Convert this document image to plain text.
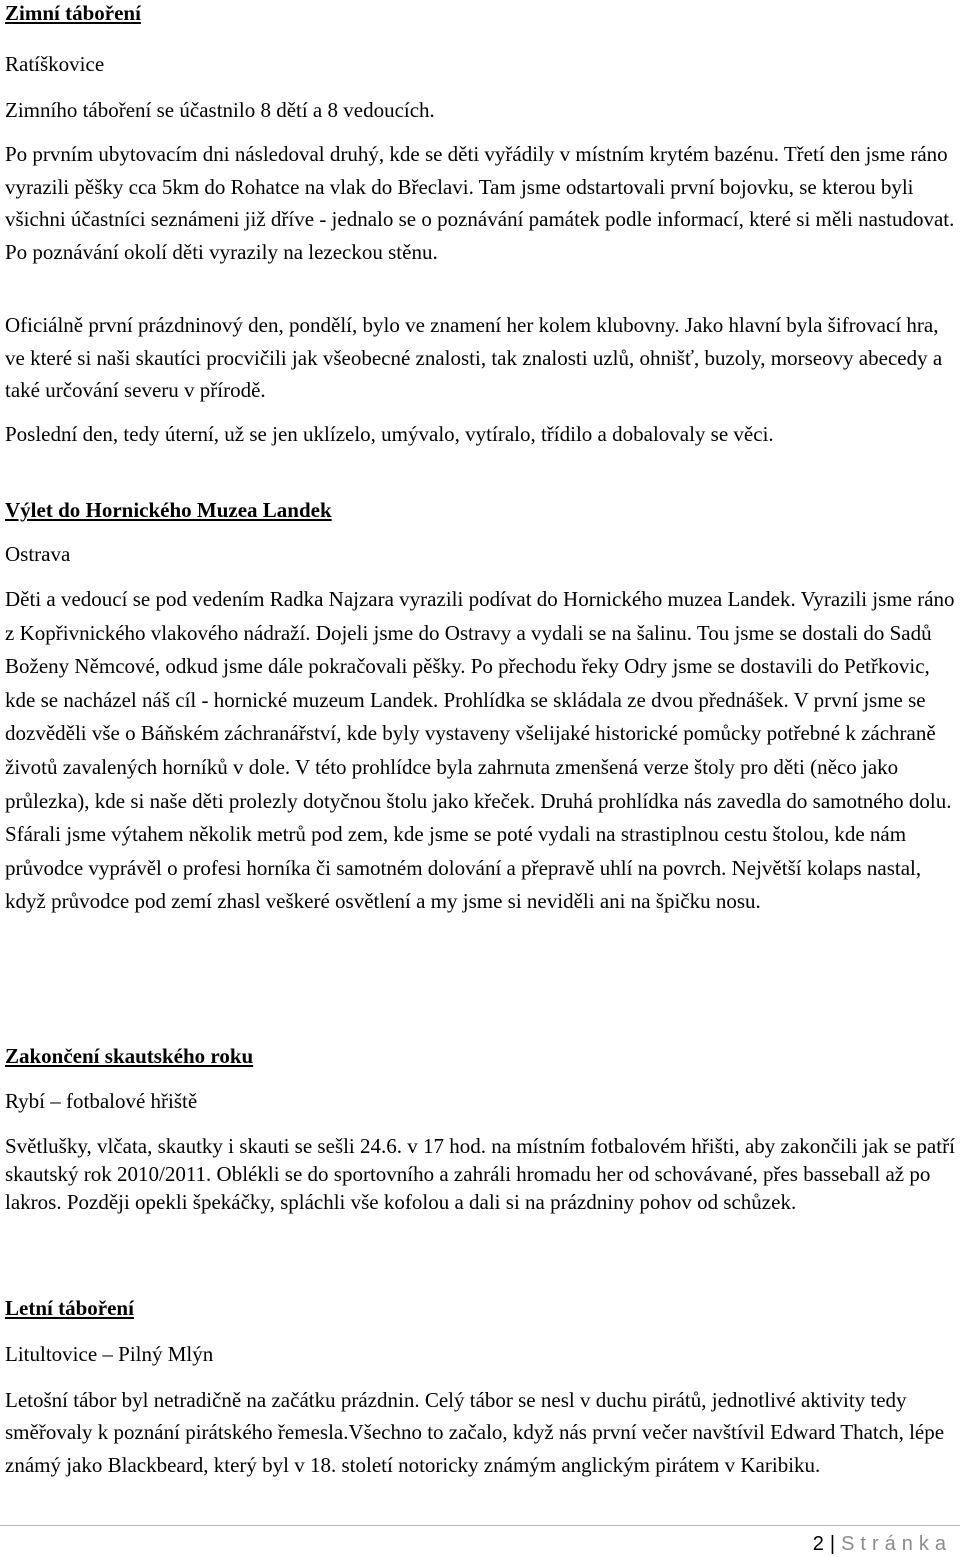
Zimní táboření

Ratíškovice

Zimního táboření se účastnilo 8 dětí a 8 vedoucích.

Po prvním ubytovacím dni následoval druhý, kde se děti vyřádily v místním krytém bazénu. Třetí den jsme ráno vyrazili pěšky cca 5km do Rohatce na vlak do Břeclavi. Tam jsme odstartovali první bojovku, se kterou byli všichni účastníci seznámeni již dříve - jednalo se o poznávání památek podle informací, které si měli nastudovat. Po poznávání okolí děti vyrazily na lezeckou stěnu.

Oficiálně první prázdninový den, pondělí, bylo ve znamení her kolem klubovny. Jako hlavní byla šifrovací hra, ve které si naši skautíci procvičili jak všeobecné znalosti, tak znalosti uzlů, ohnišť, buzoly, morseovy abecedy a také určování severu v přírodě.

Poslední den, tedy úterní, už se jen uklízelo, umývalo, vytíralo, třídilo a dobalovaly se věci.

Výlet do Hornického Muzea Landek

Ostrava

Děti a vedoucí se pod vedením Radka Najzara vyrazili podívat do Hornického muzea Landek. Vyrazili jsme ráno z Kopřivnického vlakového nádraží. Dojeli jsme do Ostravy a vydali se na šalinu. Tou jsme se dostali do Sadů Boženy Němcové, odkud jsme dále pokračovali pěšky. Po přechodu řeky Odry jsme se dostavili do Petřkovic, kde se nacházel náš cíl - hornické muzeum Landek. Prohlídka se skládala ze dvou přednášek. V první jsme se dozvěděli vše o Báňském záchranářství, kde byly vystaveny všelijaké historické pomůcky potřebné k záchraně životů zavalených horníků v dole. V této prohlídce byla zahrnuta zmenšená verze štoly pro děti (něco jako průlezka), kde si naše děti prolezly dotyčnou štolu jako křeček. Druhá prohlídka nás zavedla do samotného dolu. Sfárali jsme výtahem několik metrů pod zem, kde jsme se poté vydali na strastiplnou cestu štolou, kde nám průvodce vyprávěl o profesi horníka či samotném dolování a přepravě uhlí na povrch. Největší kolaps nastal, když průvodce pod zemí zhasl veškeré osvětlení a my jsme si neviděli ani na špičku nosu.

Zakončení skautského roku

Rybí – fotbalové hřiště

Světlušky, vlčata, skautky i skauti se sešli 24.6. v 17 hod. na místním fotbalovém hřišti, aby zakončili jak se patří skautský rok 2010/2011. Oblékli se do sportovního a zahráli hromadu her od schovávané, přes basseball až po lakros. Později opekli špekáčky, spláchli vše kofolou a dali si na prázdniny pohov od schůzek.

Letní táboření

Litultovice – Pilný Mlýn

Letošní tábor byl netradičně na začátku prázdnin. Celý tábor se nesl v duchu pirátů, jednotlivé aktivity tedy směřovaly k poznání pirátského řemesla.Všechno to začalo, když nás první večer navštívil Edward Thatch, lépe známý jako Blackbeard, který byl v 18. století notoricky známým anglickým pirátem v Karibiku.

2 | Stránka
